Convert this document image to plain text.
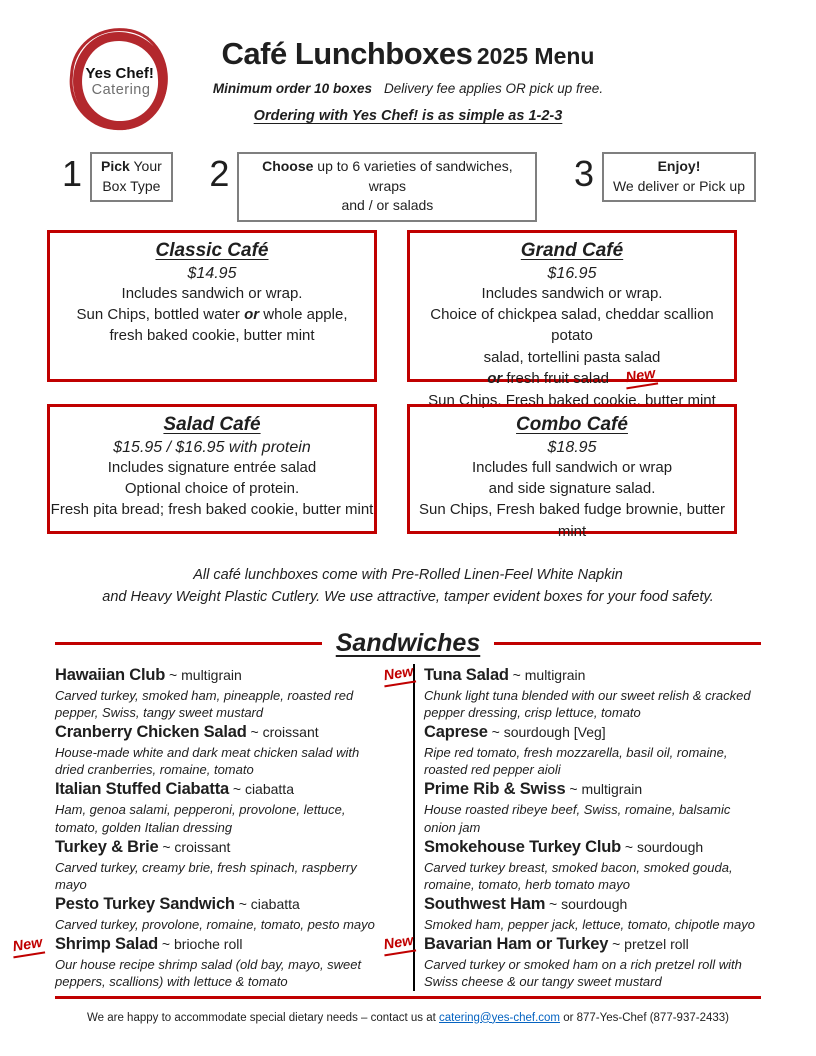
Yes Chef!
Catering
Café Lunchboxes 2025 Menu

Minimum order 10 boxes Delivery fee applies OR pick up free.

Ordering with Yes Chef! is as simple as 1-2-3

1 Pick Your
Box Type 2	Choose up to 6 varieties of sandwiches, wraps
and / or salads
3	Enjoy!
We deliver or Pick up
Classic Café
$14.95
Includes sandwich or wrap.
Sun Chips, bottled water or whole apple,
fresh baked cookie, butter mint
Grand Café
$16.95
Includes sandwich or wrap.
Choice of chickpea salad, cheddar scallion potato
salad, tortellini pasta salad
or fresh fruit salad New
Sun Chips, Fresh baked cookie, butter mint
Salad Café
$15.95 / $16.95 with protein
Includes signature entrée salad
Optional choice of protein.
Fresh pita bread; fresh baked cookie, butter mint
Combo Café
$18.95
Includes full sandwich or wrap
and side signature salad.
Sun Chips, Fresh baked fudge brownie, butter mint
All café lunchboxes come with Pre-Rolled Linen-Feel White Napkin
and Heavy Weight Plastic Cutlery. We use attractive, tamper evident boxes for your food safety.
Sandwiches
Hawaiian Club ~ multigrain
Carved turkey, smoked ham, pineapple, roasted red pepper, Swiss, tangy sweet mustard
Cranberry Chicken Salad ~ croissant
House-made white and dark meat chicken salad with dried cranberries, romaine, tomato
Italian Stuffed Ciabatta ~ ciabatta
Ham, genoa salami, pepperoni, provolone, lettuce, tomato, golden Italian dressing
Turkey & Brie ~ croissant
Carved turkey, creamy brie, fresh spinach, raspberry mayo
Pesto Turkey Sandwich ~ ciabatta
Carved turkey, provolone, romaine, tomato, pesto mayo
New Shrimp Salad ~ brioche roll
Our house recipe shrimp salad (old bay, mayo, sweet peppers, scallions) with lettuce & tomato
New Tuna Salad ~ multigrain
Chunk light tuna blended with our sweet relish & cracked pepper dressing, crisp lettuce, tomato
Caprese ~ sourdough [Veg]
Ripe red tomato, fresh mozzarella, basil oil, romaine, roasted red pepper aioli
Prime Rib & Swiss ~ multigrain
House roasted ribeye beef, Swiss, romaine, balsamic onion jam
Smokehouse Turkey Club ~ sourdough
Carved turkey breast, smoked bacon, smoked gouda, romaine, tomato, herb tomato mayo
Southwest Ham ~ sourdough
Smoked ham, pepper jack, lettuce, tomato, chipotle mayo
New Bavarian Ham or Turkey ~ pretzel roll
Carved turkey or smoked ham on a rich pretzel roll with Swiss cheese & our tangy sweet mustard

We are happy to accommodate special dietary needs – contact us at catering@yes-chef.com or 877-Yes-Chef (877-937-2433)
